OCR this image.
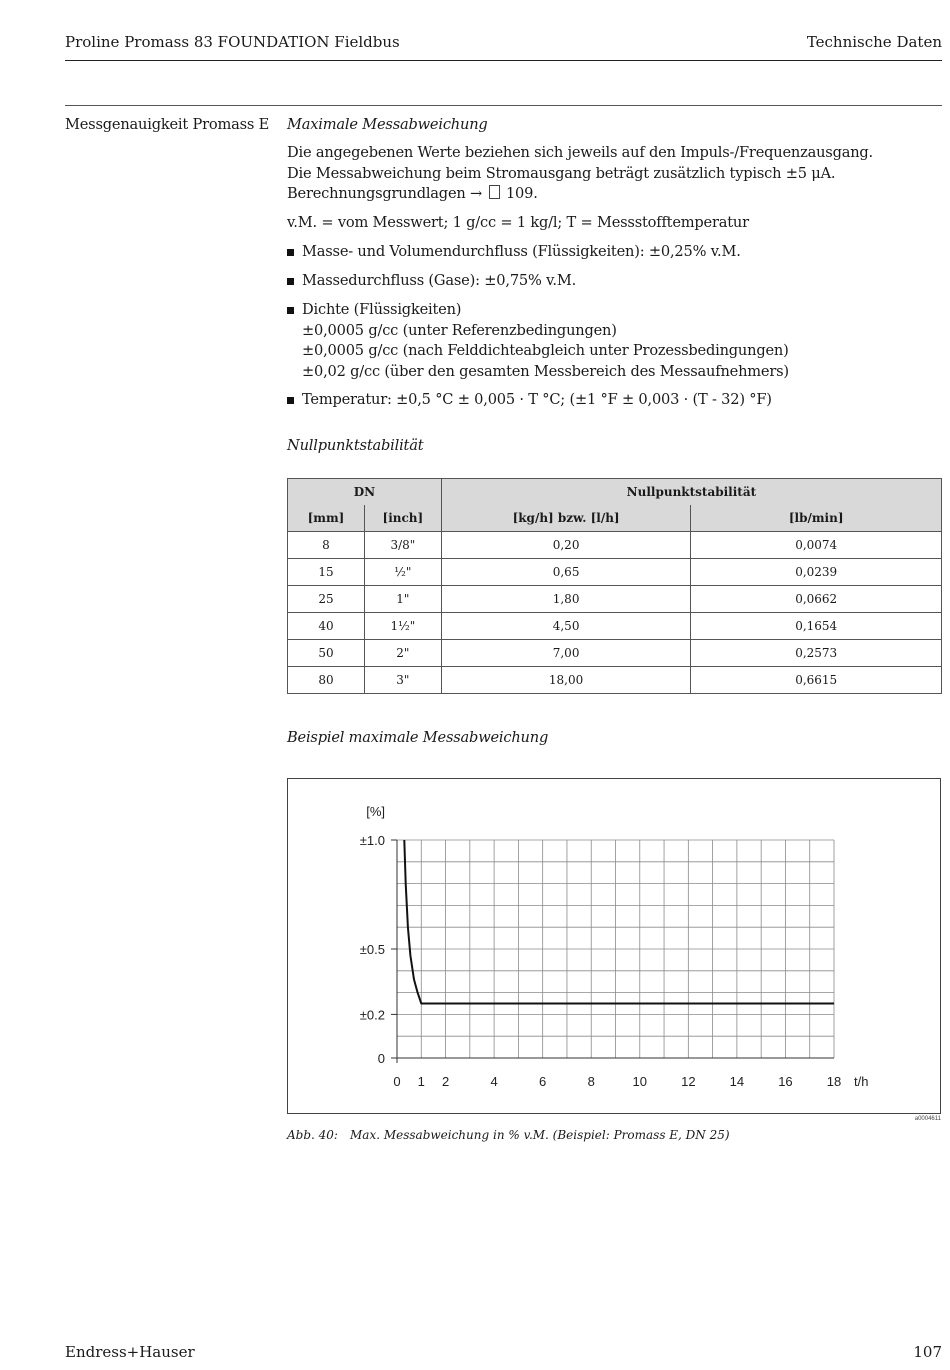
Proline Promass 83 FOUNDATION Fieldbus	Technische Daten
Messgenauigkeit Promass E Maximale Messabweichung
Die angegebenen Werte beziehen sich jeweils auf den Impuls-/Frequenzausgang.
Die Messabweichung beim Stromausgang beträgt zusätzlich typisch ±5 μA.
Berechnungsgrundlagen → 109.
v.M. = vom Messwert; 1 g/cc = 1 kg/l; T = Messstofftemperatur
Masse- und Volumendurchfluss (Flüssigkeiten): ±0,25% v.M.
Massedurchfluss (Gase): ±0,75% v.M.
Dichte (Flüssigkeiten)
±0,0005 g/cc (unter Referenzbedingungen)
±0,0005 g/cc (nach Felddichteabgleich unter Prozessbedingungen)
±0,02 g/cc (über den gesamten Messbereich des Messaufnehmers)
Temperatur: ±0,5 °C ± 0,005 · T °C; (±1 °F ± 0,003 · (T - 32) °F)
Nullpunktstabilität
DN		Nullpunktstabilität	
[mm]	[inch]	[kg/h] bzw. [l/h]	[lb/min]
8	3/8"	0,20	0,0074
15	½"	0,65	0,0239
25	1"	1,80	0,0662
40	1½"	4,50	0,1654
50	2"	7,00	0,2573
80	3"	18,00	0,6615
Beispiel maximale Messabweichung
0 1 2	4	6	8	10	12	14	16	18
0
±0.2
±0.5
±1.0
[%]
t/h
a0004611
Abb. 40: Max. Messabweichung in % v.M. (Beispiel: Promass E, DN 25)
Endress+Hauser	107
